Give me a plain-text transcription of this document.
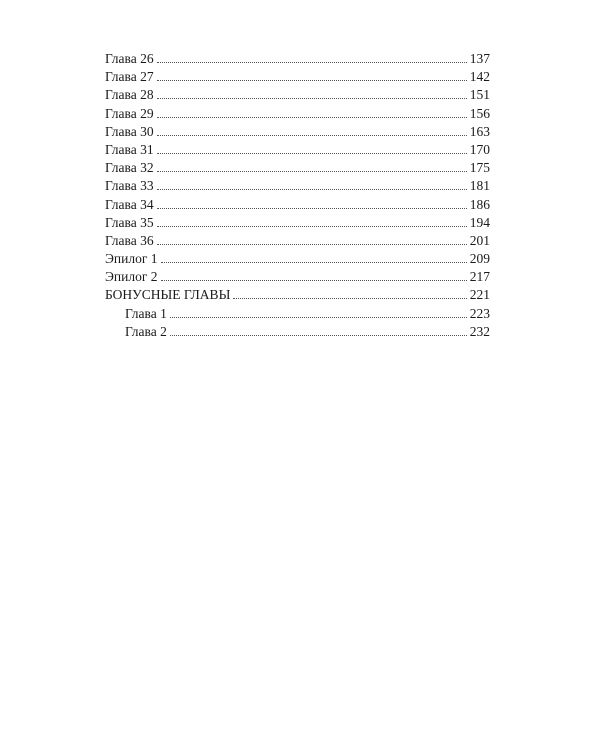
Глава 26	137
Глава 27	142
Глава 28	151
Глава 29	156
Глава 30	163
Глава 31	170
Глава 32	175
Глава 33	181
Глава 34	186
Глава 35	194
Глава 36	201
Эпилог 1	209
Эпилог 2	217
БОНУСНЫЕ ГЛАВЫ	221
Глава 1	223
Глава 2	232
